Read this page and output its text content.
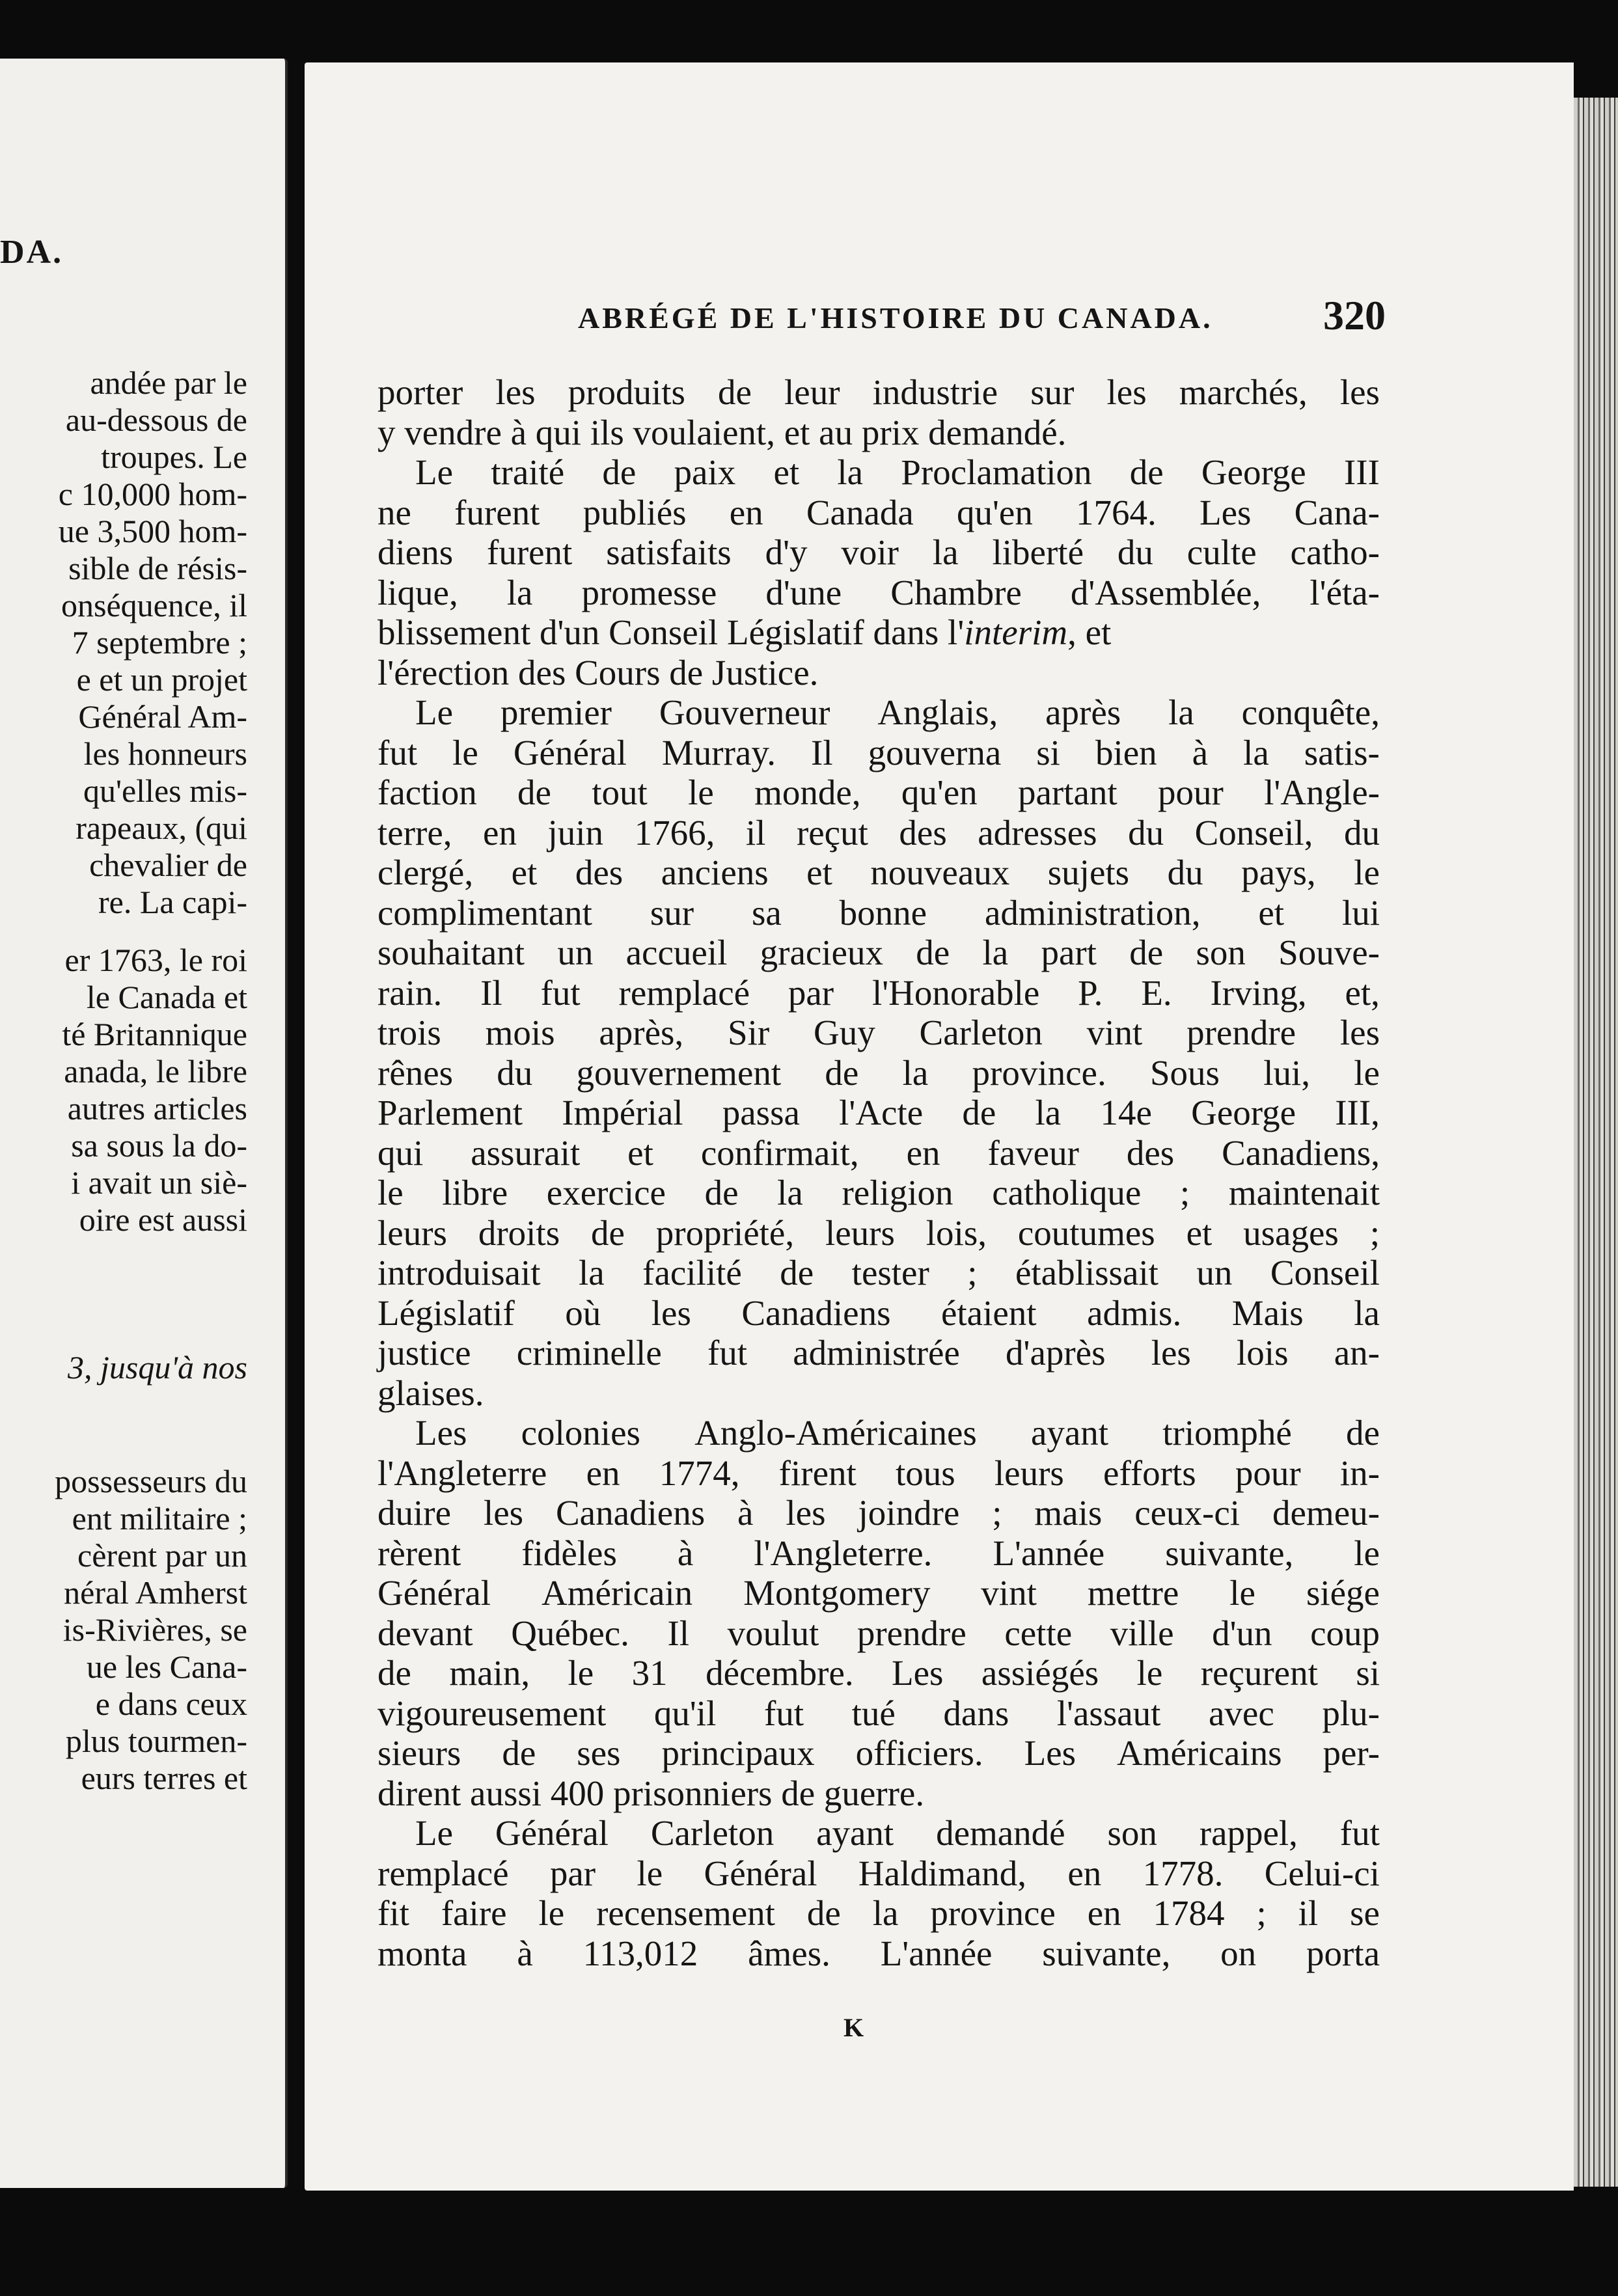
DA.
andée par le
au-dessous de
troupes. Le
c 10,000 hom-
ue 3,500 hom-
sible de résis-
onséquence, il
7 septembre ;
e et un projet
Général Am-
les honneurs
qu'elles mis-
rapeaux, (qui
chevalier de
re. La capi-
er 1763, le roi
le Canada et
té Britannique
anada, le libre
autres articles
sa sous la do-
i avait un siè-
oire est aussi
3, jusqu'à nos
possesseurs du
ent militaire ;
cèrent par un
néral Amherst
is-Rivières, se
ue les Cana-
e dans ceux
plus tourmen-
eurs terres et
ABRÉGÉ DE L'HISTOIRE DU CANADA.	320
porter les produits de leur industrie sur les marchés, les
y vendre à qui ils voulaient, et au prix demandé.
Le traité de paix et la Proclamation de George III
ne furent publiés en Canada qu'en 1764. Les Cana-
diens furent satisfaits d'y voir la liberté du culte catho-
lique, la promesse d'une Chambre d'Assemblée, l'éta-
blissement d'un Conseil Législatif dans l' interim, et
l'érection des Cours de Justice.
Le premier Gouverneur Anglais, après la conquête,
fut le Général Murray. Il gouverna si bien à la satis-
faction de tout le monde, qu'en partant pour l'Angle-
terre, en juin 1766, il reçut des adresses du Conseil, du
clergé, et des anciens et nouveaux sujets du pays, le
complimentant sur sa bonne administration, et lui
souhaitant un accueil gracieux de la part de son Souve-
rain. Il fut remplacé par l'Honorable P. E. Irving, et,
trois mois après, Sir Guy Carleton vint prendre les
rênes du gouvernement de la province. Sous lui, le
Parlement Impérial passa l'Acte de la 14e George III,
qui assurait et confirmait, en faveur des Canadiens,
le libre exercice de la religion catholique ; maintenait
leurs droits de propriété, leurs lois, coutumes et usages ;
introduisait la facilité de tester ; établissait un Conseil
Législatif où les Canadiens étaient admis. Mais la
justice criminelle fut administrée d'après les lois an-
glaises.
Les colonies Anglo-Américaines ayant triomphé de
l'Angleterre en 1774, firent tous leurs efforts pour in-
duire les Canadiens à les joindre ; mais ceux-ci demeu-
rèrent fidèles à l'Angleterre. L'année suivante, le
Général Américain Montgomery vint mettre le siége
devant Québec. Il voulut prendre cette ville d'un coup
de main, le 31 décembre. Les assiégés le reçurent si
vigoureusement qu'il fut tué dans l'assaut avec plu-
sieurs de ses principaux officiers. Les Américains per-
dirent aussi 400 prisonniers de guerre.
Le Général Carleton ayant demandé son rappel, fut
remplacé par le Général Haldimand, en 1778. Celui-ci
fit faire le recensement de la province en 1784 ; il se
monta à 113,012 âmes. L'année suivante, on porta
K
